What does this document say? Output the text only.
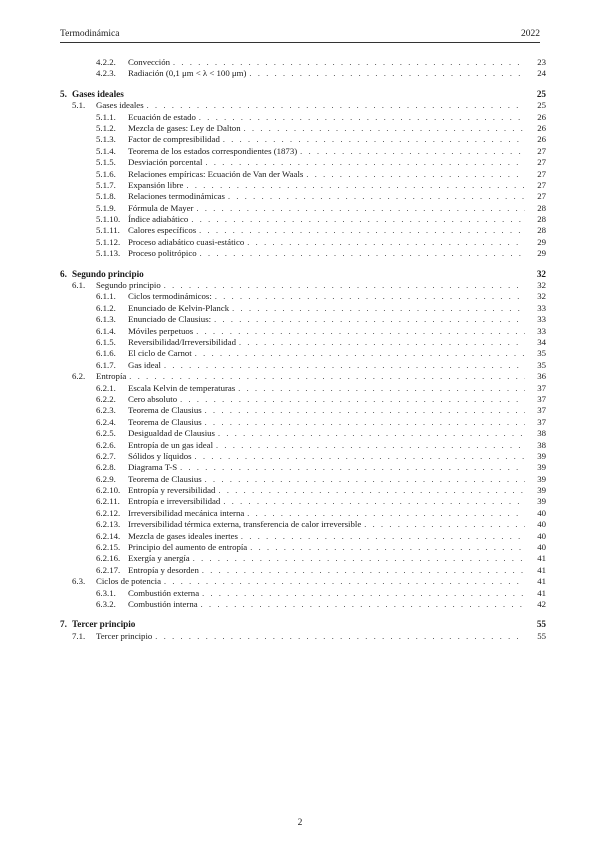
Termodinámica	2022
4.2.2.	Convección . . .	23
4.2.3.	Radiación (0,1 μm < λ < 100 μm) . . .	24
5. Gases ideales	25
5.1.	Gases ideales . . .	25
5.1.1.	Ecuación de estado . . .	26
5.1.2.	Mezcla de gases: Ley de Dalton . . .	26
5.1.3.	Factor de compresibilidad . . .	26
5.1.4.	Teorema de los estados correspondientes (1873) . . .	27
5.1.5.	Desviación porcental . . .	27
5.1.6.	Relaciones empíricas: Ecuación de Van der Waals . . .	27
5.1.7.	Expansión libre . . .	27
5.1.8.	Relaciones termodinámicas . . .	27
5.1.9.	Fórmula de Mayer . . .	28
5.1.10. Índice adiabático . . .	28
5.1.11. Calores específicos . . .	28
5.1.12. Proceso adiabático cuasi-estático . . .	29
5.1.13. Proceso politrópico . . .	29
6. Segundo principio	32
6.1.	Segundo principio . . .	32
6.1.1.	Ciclos termodinámicos: . . .	32
6.1.2.	Enunciado de Kelvin-Planck . . .	33
6.1.3.	Enunciado de Clausius: . . .	33
6.1.4.	Móviles perpetuos . . .	33
6.1.5.	Reversibilidad/Irreversibilidad . . .	34
6.1.6.	El ciclo de Carnot . . .	35
6.1.7.	Gas ideal . . .	35
6.2.	Entropía . . .	36
6.2.1.	Escala Kelvin de temperaturas . . .	37
6.2.2.	Cero absoluto . . .	37
6.2.3.	Teorema de Clausius . . .	37
6.2.4.	Teorema de Clausius . . .	37
6.2.5.	Desigualdad de Clausius . . .	38
6.2.6.	Entropía de un gas ideal . . .	38
6.2.7.	Sólidos y líquidos . . .	39
6.2.8.	Diagrama T-S . . .	39
6.2.9.	Teorema de Clausius . . .	39
6.2.10. Entropía y reversibilidad . . .	39
6.2.11. Entropía e irreversibilidad . . .	39
6.2.12. Irreversibilidad mecánica interna . . .	40
6.2.13. Irreversibilidad térmica externa, transferencia de calor irreversible . . .	40
6.2.14. Mezcla de gases ideales inertes . . .	40
6.2.15. Principio del aumento de entropía . . .	40
6.2.16. Exergía y anergía . . .	41
6.2.17. Entropía y desorden . . .	41
6.3.	Ciclos de potencia . . .	41
6.3.1.	Combustión externa . . .	41
6.3.2.	Combustión interna . . .	42
7. Tercer principio	55
7.1.	Tercer principio . . .	55
2
